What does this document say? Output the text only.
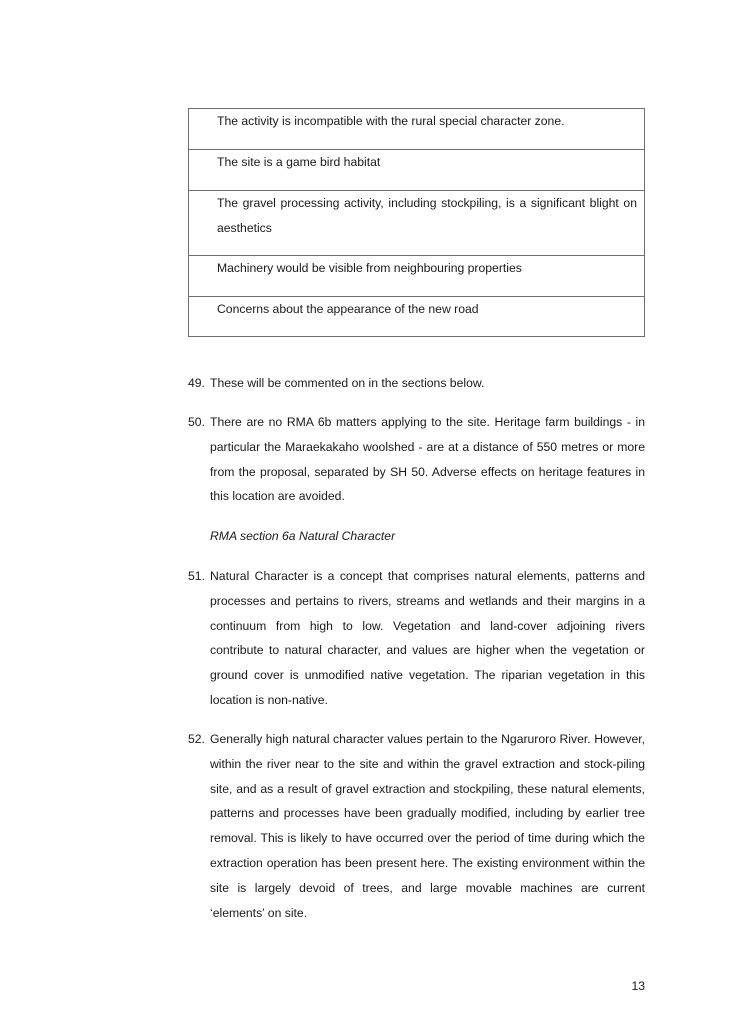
The activity is incompatible with the rural special character zone.
The site is a game bird habitat
The gravel processing activity, including stockpiling, is a significant blight on aesthetics
Machinery would be visible from neighbouring properties
Concerns about the appearance of the new road
49. These will be commented on in the sections below.
50. There are no RMA 6b matters applying to the site. Heritage farm buildings - in particular the Maraekakaho woolshed - are at a distance of 550 metres or more from the proposal, separated by SH 50. Adverse effects on heritage features in this location are avoided.
RMA section 6a Natural Character
51. Natural Character is a concept that comprises natural elements, patterns and processes and pertains to rivers, streams and wetlands and their margins in a continuum from high to low. Vegetation and land-cover adjoining rivers contribute to natural character, and values are higher when the vegetation or ground cover is unmodified native vegetation. The riparian vegetation in this location is non-native.
52. Generally high natural character values pertain to the Ngaruroro River. However, within the river near to the site and within the gravel extraction and stock-piling site, and as a result of gravel extraction and stockpiling, these natural elements, patterns and processes have been gradually modified, including by earlier tree removal. This is likely to have occurred over the period of time during which the extraction operation has been present here. The existing environment within the site is largely devoid of trees, and large movable machines are current ‘elements’ on site.
13
